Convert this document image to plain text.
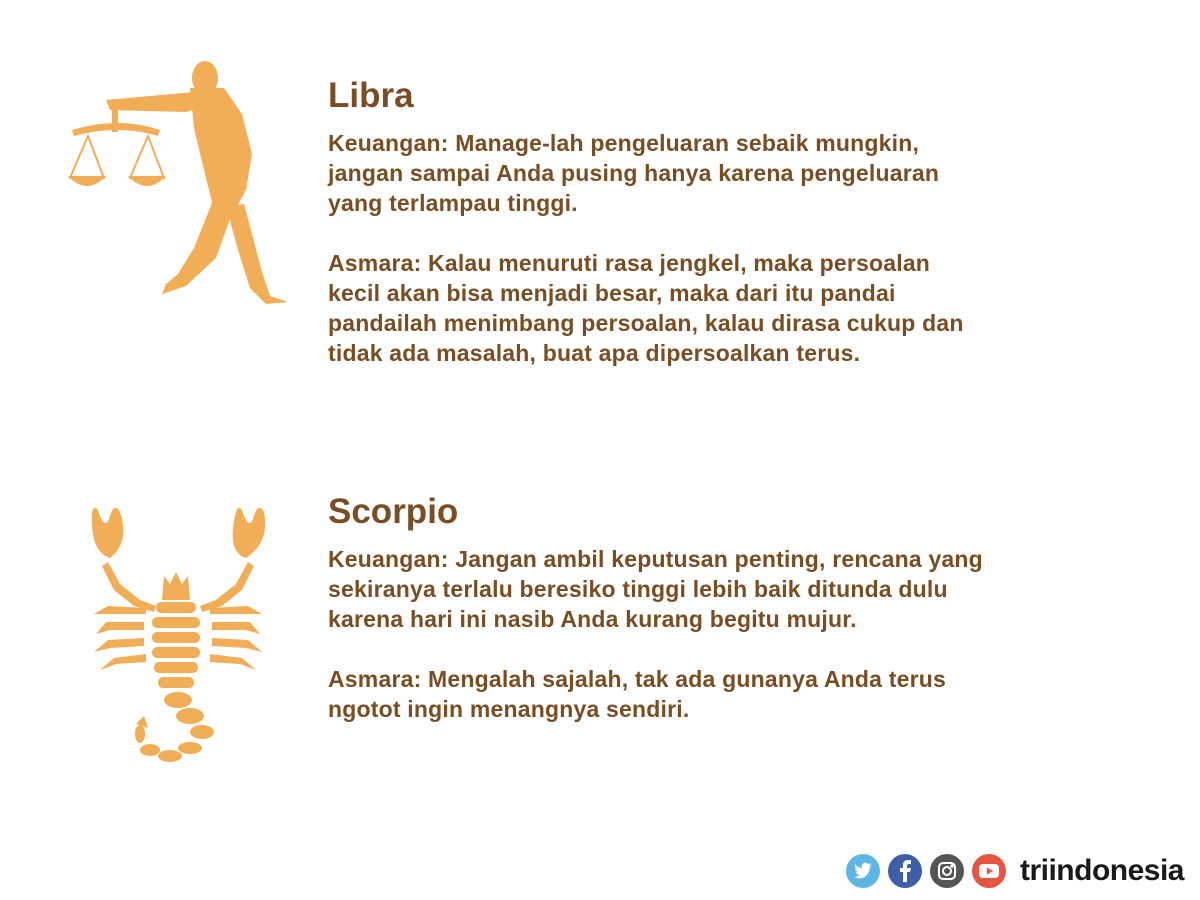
Libra

Keuangan: Manage-lah pengeluaran sebaik mungkin,
jangan sampai Anda pusing hanya karena pengeluaran
yang terlampau tinggi.

Asmara: Kalau menuruti rasa jengkel, maka persoalan
kecil akan bisa menjadi besar, maka dari itu pandai
pandailah menimbang persoalan, kalau dirasa cukup dan
tidak ada masalah, buat apa dipersoalkan terus.

Scorpio

Keuangan: Jangan ambil keputusan penting, rencana yang
sekiranya terlalu beresiko tinggi lebih baik ditunda dulu
karena hari ini nasib Anda kurang begitu mujur.

Asmara: Mengalah sajalah, tak ada gunanya Anda terus
ngotot ingin menangnya sendiri.

triindonesia
